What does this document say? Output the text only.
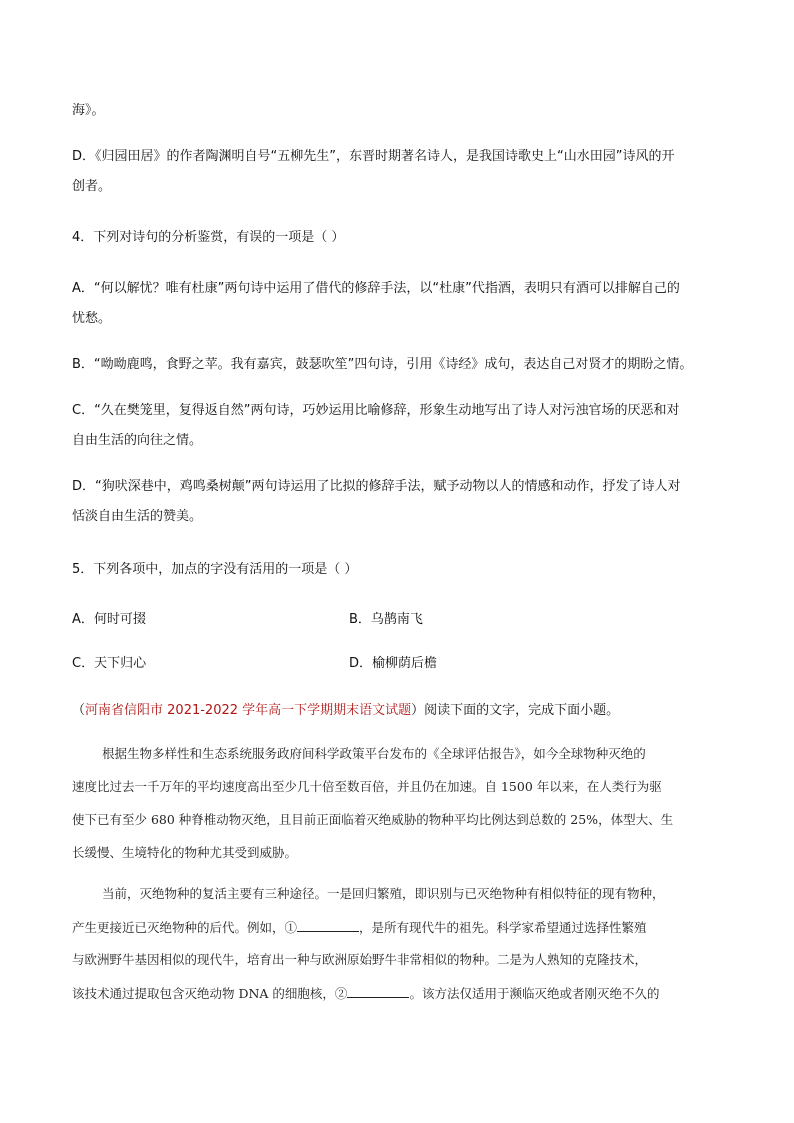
海》。
D．《归园田居》的作者陶渊明自号“五柳先生”，东晋时期著名诗人，是我国诗歌史上“山水田园”诗风的开
创者。
4．下列对诗句的分析鉴赏，有误的一项是（ ）
A．“何以解忧？唯有杜康”两句诗中运用了借代的修辞手法，以“杜康”代指酒，表明只有酒可以排解自己的
忧愁。
B．“呦呦鹿鸣，食野之苹。我有嘉宾，鼓瑟吹笙”四句诗，引用《诗经》成句，表达自己对贤才的期盼之情。
C．“久在樊笼里，复得返自然”两句诗，巧妙运用比喻修辞，形象生动地写出了诗人对污浊官场的厌恶和对
自由生活的向往之情。
D．“狗吠深巷中，鸡鸣桑树颠”两句诗运用了比拟的修辞手法，赋予动物以人的情感和动作，抒发了诗人对
恬淡自由生活的赞美。
5．下列各项中，加点的字没有活用的一项是（ ）
A．何时可掇	B．乌鹊南飞
C．天下归心	D．榆柳荫后檐
（河南省信阳市 2021-2022 学年高一下学期期末语文试题）阅读下面的文字，完成下面小题。
根据生物多样性和生态系统服务政府间科学政策平台发布的《全球评估报告》，如今全球物种灭绝的
速度比过去一千万年的平均速度高出至少几十倍至数百倍，并且仍在加速。自 1500 年以来，在人类行为驱
使下已有至少 680 种脊椎动物灭绝，且目前正面临着灭绝威胁的物种平均比例达到总数的 25%，体型大、生
长缓慢、生境特化的物种尤其受到威胁。
当前，灭绝物种的复活主要有三种途径。一是回归繁殖，即识别与已灭绝物种有相似特征的现有物种，
产生更接近已灭绝物种的后代。例如，①	，是所有现代牛的祖先。科学家希望通过选择性繁殖
与欧洲野牛基因相似的现代牛，培育出一种与欧洲原始野牛非常相似的物种。二是为人熟知的克隆技术，
该技术通过提取包含灭绝动物 DNA 的细胞核，②	。该方法仅适用于濒临灭绝或者刚灭绝不久的
